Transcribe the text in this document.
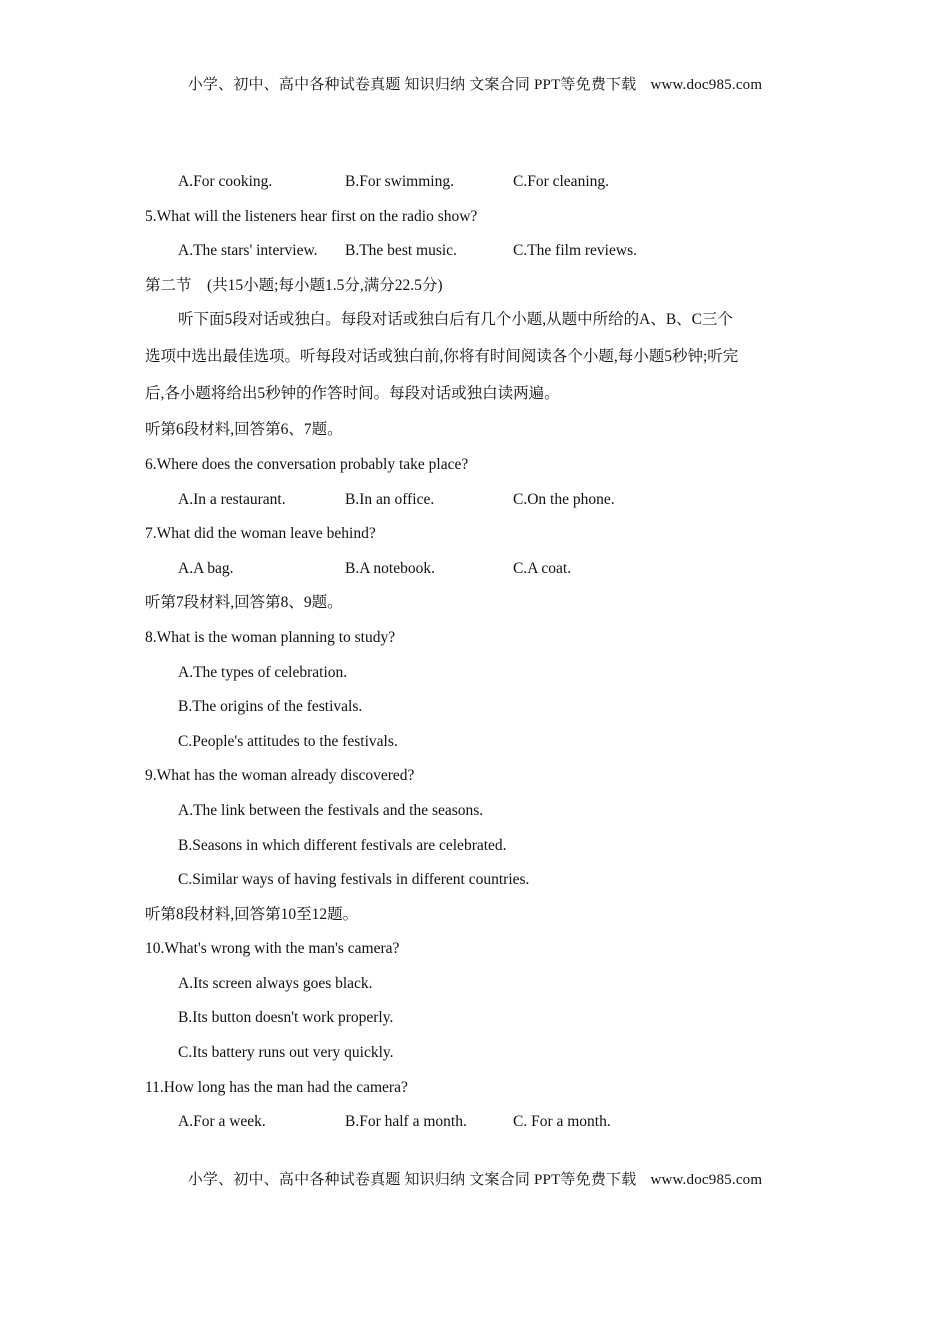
小学、初中、高中各种试卷真题 知识归纳 文案合同 PPT等免费下载 www.doc985.com
A.For cooking.	B.For swimming.	C.For cleaning.
5.What will the listeners hear first on the radio show?
A.The stars' interview. B.The best music.	C.The film reviews.
第二节　(共15小题;每小题1.5分,满分22.5分)
听下面5段对话或独白。每段对话或独白后有几个小题,从题中所给的A、B、C三个
选项中选出最佳选项。听每段对话或独白前,你将有时间阅读各个小题,每小题5秒钟;听完
后,各小题将给出5秒钟的作答时间。每段对话或独白读两遍。
听第6段材料,回答第6、7题。
6.Where does the conversation probably take place?
A.In a restaurant.	B.In an office.	C.On the phone.
7.What did the woman leave behind?
A.A bag.	B.A notebook.	C.A coat.
听第7段材料,回答第8、9题。
8.What is the woman planning to study?
A.The types of celebration.
B.The origins of the festivals.
C.People's attitudes to the festivals.
9.What has the woman already discovered?
A.The link between the festivals and the seasons.
B.Seasons in which different festivals are celebrated.
C.Similar ways of having festivals in different countries.
听第8段材料,回答第10至12题。
10.What's wrong with the man's camera?
A.Its screen always goes black.
B.Its button doesn't work properly.
C.Its battery runs out very quickly.
11.How long has the man had the camera?
A.For a week.	B.For half a month.	C. For a month.
小学、初中、高中各种试卷真题 知识归纳 文案合同 PPT等免费下载 www.doc985.com
